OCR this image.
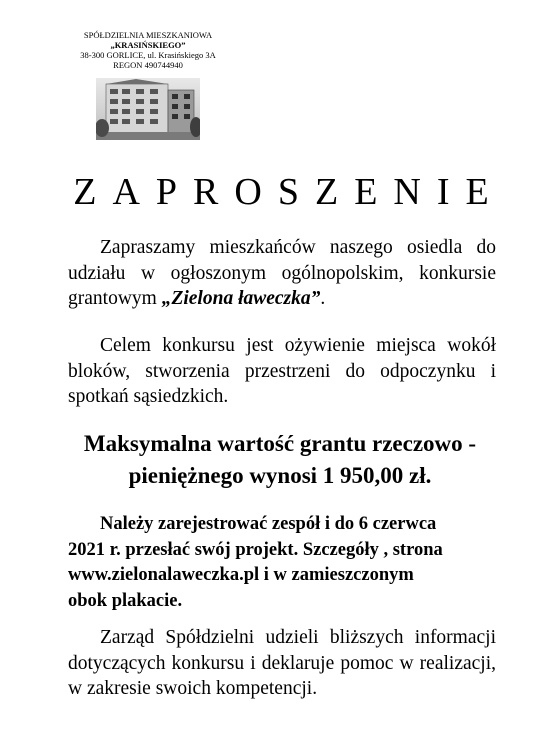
SPÓŁDZIELNIA MIESZKANIOWA
„KRASIŃSKIEGO”
38-300 GORLICE, ul. Krasińskiego 3A
REGON 490744940
ZAPROSZENIE
Zapraszamy mieszkańców naszego osiedla do udziału w ogłoszonym ogólnopolskim, konkursie grantowym „Zielona ławeczka”.
Celem konkursu jest ożywienie miejsca wokół bloków, stworzenia przestrzeni do odpoczynku i spotkań sąsiedzkich.
Maksymalna wartość grantu rzeczowo -
pieniężnego wynosi 1 950,00 zł.
Należy zarejestrować zespół i do 6 czerwca
2021 r. przesłać swój projekt. Szczegóły , strona
www.zielonalaweczka.pl i w zamieszczonym
obok plakacie.
Zarząd Spółdzielni udzieli bliższych informacji dotyczących konkursu i deklaruje pomoc w realizacji, w zakresie swoich kompetencji.
